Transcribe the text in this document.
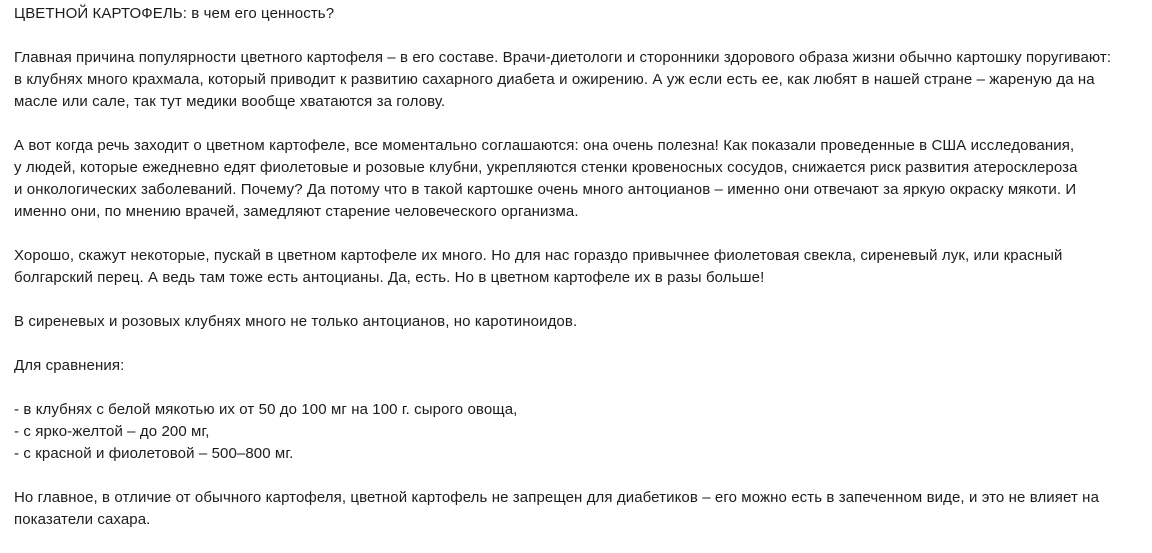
ЦВЕТНОЙ КАРТОФЕЛЬ: в чем его ценность?
Главная причина популярности цветного картофеля – в его составе. Врачи-диетологи и сторонники здорового образа жизни обычно картошку поругивают:
в клубнях много крахмала, который приводит к развитию сахарного диабета и ожирению. А уж если есть ее, как любят в нашей стране – жареную да на
масле или сале, так тут медики вообще хватаются за голову.
А вот когда речь заходит о цветном картофеле, все моментально соглашаются: она очень полезна! Как показали проведенные в США исследования,
у людей, которые ежедневно едят фиолетовые и розовые клубни, укрепляются стенки кровеносных сосудов, снижается риск развития атеросклероза
и онкологических заболеваний. Почему? Да потому что в такой картошке очень много антоцианов – именно они отвечают за яркую окраску мякоти. И
именно они, по мнению врачей, замедляют старение человеческого организма.
Хорошо, скажут некоторые, пускай в цветном картофеле их много. Но для нас гораздо привычнее фиолетовая свекла, сиреневый лук, или красный
болгарский перец. А ведь там тоже есть антоцианы. Да, есть. Но в цветном картофеле их в разы больше!
В сиреневых и розовых клубнях много не только антоцианов, но каротиноидов.
Для сравнения:
- в клубнях с белой мякотью их от 50 до 100 мг на 100 г. сырого овоща,
- с ярко-желтой – до 200 мг,
- с красной и фиолетовой – 500–800 мг.
Но главное, в отличие от обычного картофеля, цветной картофель не запрещен для диабетиков – его можно есть в запеченном виде, и это не влияет на
показатели сахара.
